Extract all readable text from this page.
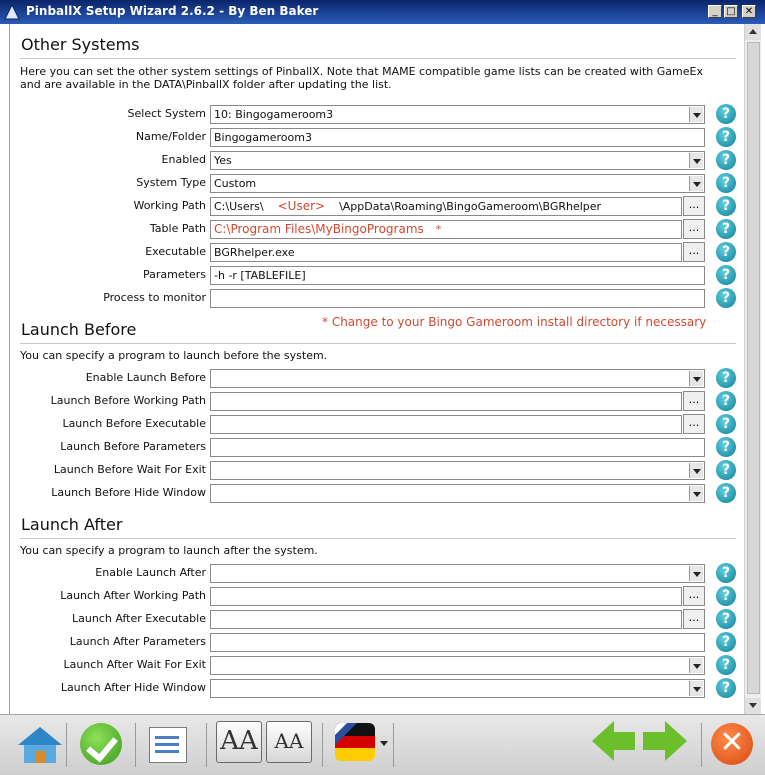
PinballX Setup Wizard 2.6.2 - By Ben Baker	_ □ ✕
Other Systems
Here you can set the other system settings of PinballX. Note that MAME compatible game lists can be created with GameEx and are available in the DATA\PinballX folder after updating the list.
Select System 10: Bingogameroom3	?
Name/Folder Bingogameroom3	?
Enabled Yes	?
System Type Custom	?
Working Path C:\Users\ <User> \AppData\Roaming\BingoGameroom\BGRhelper	...	?
Table Path C:\Program Files\MyBingoPrograms *	...	?
Executable BGRhelper.exe	...	?
Parameters -h -r [TABLEFILE]	?
Process to monitor	?
* Change to your Bingo Gameroom install directory if necessary
Launch Before
You can specify a program to launch before the system.
Enable Launch Before	?
Launch Before Working Path	...	?
Launch Before Executable	...	?
Launch Before Parameters	?
Launch Before Wait For Exit	?
Launch Before Hide Window	?
Launch After
You can specify a program to launch after the system.
Enable Launch After	?
Launch After Working Path	...	?
Launch After Executable	...	?
Launch After Parameters	?
Launch After Wait For Exit	?
Launch After Hide Window	?
AA AA	✕
